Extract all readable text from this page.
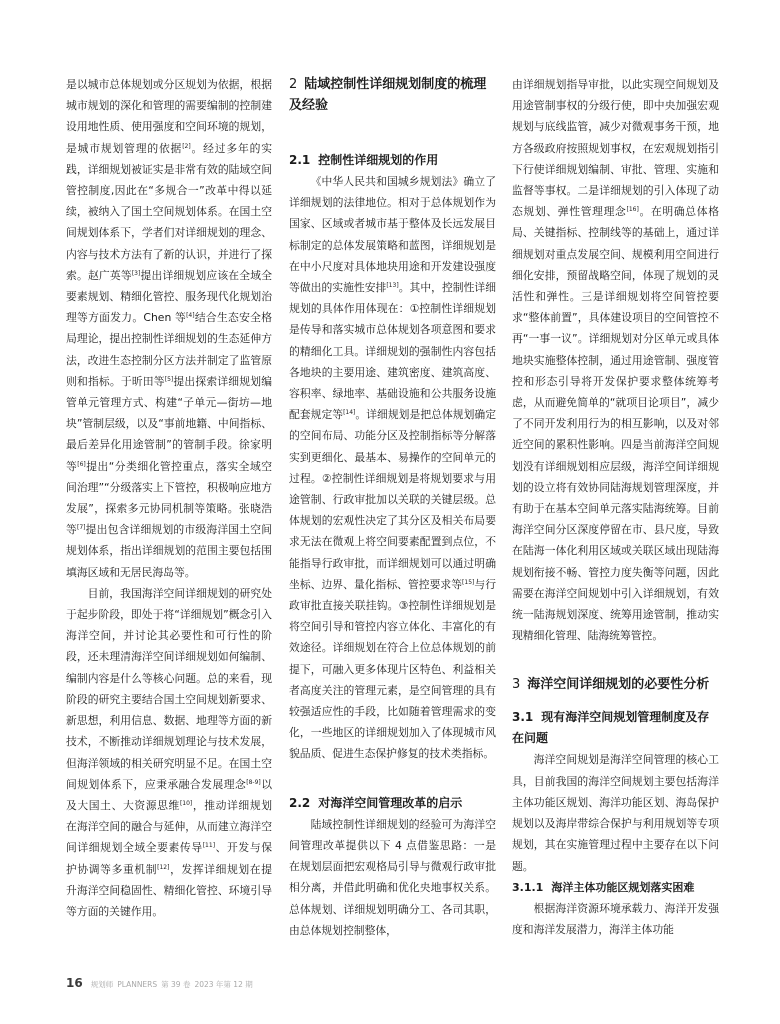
是以城市总体规划或分区规划为依据，根据城市规划的深化和管理的需要编制的控制建设用地性质、使用强度和空间环境的规划，是城市规划管理的依据[2]。经过多年的实践，详细规划被证实是非常有效的陆域空间管控制度,因此在“多规合一”改革中得以延续，被纳入了国土空间规划体系。在国土空间规划体系下，学者们对详细规划的理念、内容与技术方法有了新的认识，并进行了探索。赵广英等[3]提出详细规划应该在全域全要素规划、精细化管控、服务现代化规划治理等方面发力。Chen 等[4]结合生态安全格局理论，提出控制性详细规划的生态延伸方法，改进生态控制分区方法并制定了监管原则和指标。于昕田等[5]提出探索详细规划编管单元管理方式、构建“子单元—街坊—地块”管制层级，以及“事前地籍、中间指标、最后差异化用途管制”的管制手段。徐家明等[6]提出“分类细化管控重点，落实全域空间治理”“分级落实上下管控，积极响应地方发展”，探索多元协同机制等策略。张晓浩等[7]提出包含详细规划的市级海洋国土空间规划体系，指出详细规划的范围主要包括围填海区域和无居民海岛等。

目前，我国海洋空间详细规划的研究处于起步阶段，即处于将“详细规划”概念引入海洋空间，并讨论其必要性和可行性的阶段，还未理清海洋空间详细规划如何编制、编制内容是什么等核心问题。总的来看，现阶段的研究主要结合国土空间规划新要求、新思想，利用信息、数据、地理等方面的新技术，不断推动详细规划理论与技术发展，但海洋领域的相关研究明显不足。在国土空间规划体系下，应秉承融合发展理念[8-9]以及大国土、大资源思维[10]，推动详细规划在海洋空间的融合与延伸，从而建立海洋空间详细规划全域全要素传导[11]、开发与保护协调等多重机制[12]，发挥详细规划在提升海洋空间稳固性、精细化管控、环境引导等方面的关键作用。

2 陆域控制性详细规划制度的梳理及经验
2.1 控制性详细规划的作用

《中华人民共和国城乡规划法》确立了详细规划的法律地位。相对于总体规划作为国家、区域或者城市基于整体及长远发展目标制定的总体发展策略和蓝图，详细规划是在中小尺度对具体地块用途和开发建设强度等做出的实施性安排[13]。其中，控制性详细规划的具体作用体现在：①控制性详细规划是传导和落实城市总体规划各项意图和要求的精细化工具。详细规划的强制性内容包括各地块的主要用途、建筑密度、建筑高度、容积率、绿地率、基础设施和公共服务设施配套规定等[14]。详细规划是把总体规划确定的空间布局、功能分区及控制指标等分解落实到更细化、最基本、易操作的空间单元的过程。②控制性详细规划是将规划要求与用途管制、行政审批加以关联的关键层级。总体规划的宏观性决定了其分区及相关布局要求无法在微观上将空间要素配置到点位，不能指导行政审批，而详细规划可以通过明确坐标、边界、量化指标、管控要求等[15]与行政审批直接关联挂钩。③控制性详细规划是将空间引导和管控内容立体化、丰富化的有效途径。详细规划在符合上位总体规划的前提下，可融入更多体现片区特色、利益相关者高度关注的管理元素，是空间管理的具有较强适应性的手段，比如随着管理需求的变化，一些地区的详细规划加入了体现城市风貌品质、促进生态保护修复的技术类指标。

2.2 对海洋空间管理改革的启示

陆域控制性详细规划的经验可为海洋空间管理改革提供以下 4 点借鉴思路：一是在规划层面把宏观格局引导与微观行政审批相分离，并借此明确和优化央地事权关系。总体规划、详细规划明确分工、各司其职，由总体规划控制整体，

由详细规划指导审批，以此实现空间规划及用途管制事权的分级行使，即中央加强宏观规划与底线监管，减少对微观事务干预，地方各级政府按照规划事权，在宏观规划指引下行使详细规划编制、审批、管理、实施和监督等事权。二是详细规划的引入体现了动态规划、弹性管理理念[16]。在明确总体格局、关键指标、控制线等的基础上，通过详细规划对重点发展空间、规模利用空间进行细化安排，预留战略空间，体现了规划的灵活性和弹性。三是详细规划将空间管控要求“整体前置”，具体建设项目的空间管控不再“一事一议”。详细规划对分区单元或具体地块实施整体控制，通过用途管制、强度管控和形态引导将开发保护要求整体统筹考虑，从而避免简单的“就项目论项目”，减少了不同开发利用行为的相互影响，以及对邻近空间的累积性影响。四是当前海洋空间规划没有详细规划相应层级，海洋空间详细规划的设立将有效协同陆海规划管理深度，并有助于在基本空间单元落实陆海统筹。目前海洋空间分区深度停留在市、县尺度，导致在陆海一体化利用区域或关联区域出现陆海规划衔接不畅、管控力度失衡等问题，因此需要在海洋空间规划中引入详细规划，有效统一陆海规划深度、统筹用途管制，推动实现精细化管理、陆海统筹管控。

3 海洋空间详细规划的必要性分析
3.1 现有海洋空间规划管理制度及存在问题

海洋空间规划是海洋空间管理的核心工具，目前我国的海洋空间规划主要包括海洋主体功能区规划、海洋功能区划、海岛保护规划以及海岸带综合保护与利用规划等专项规划，其在实施管理过程中主要存在以下问题。

3.1.1 海洋主体功能区规划落实困难

根据海洋资源环境承载力、海洋开发强度和海洋发展潜力，海洋主体功能

16 规划师 PLANNERS 第 39 卷 2023 年第 12 期
